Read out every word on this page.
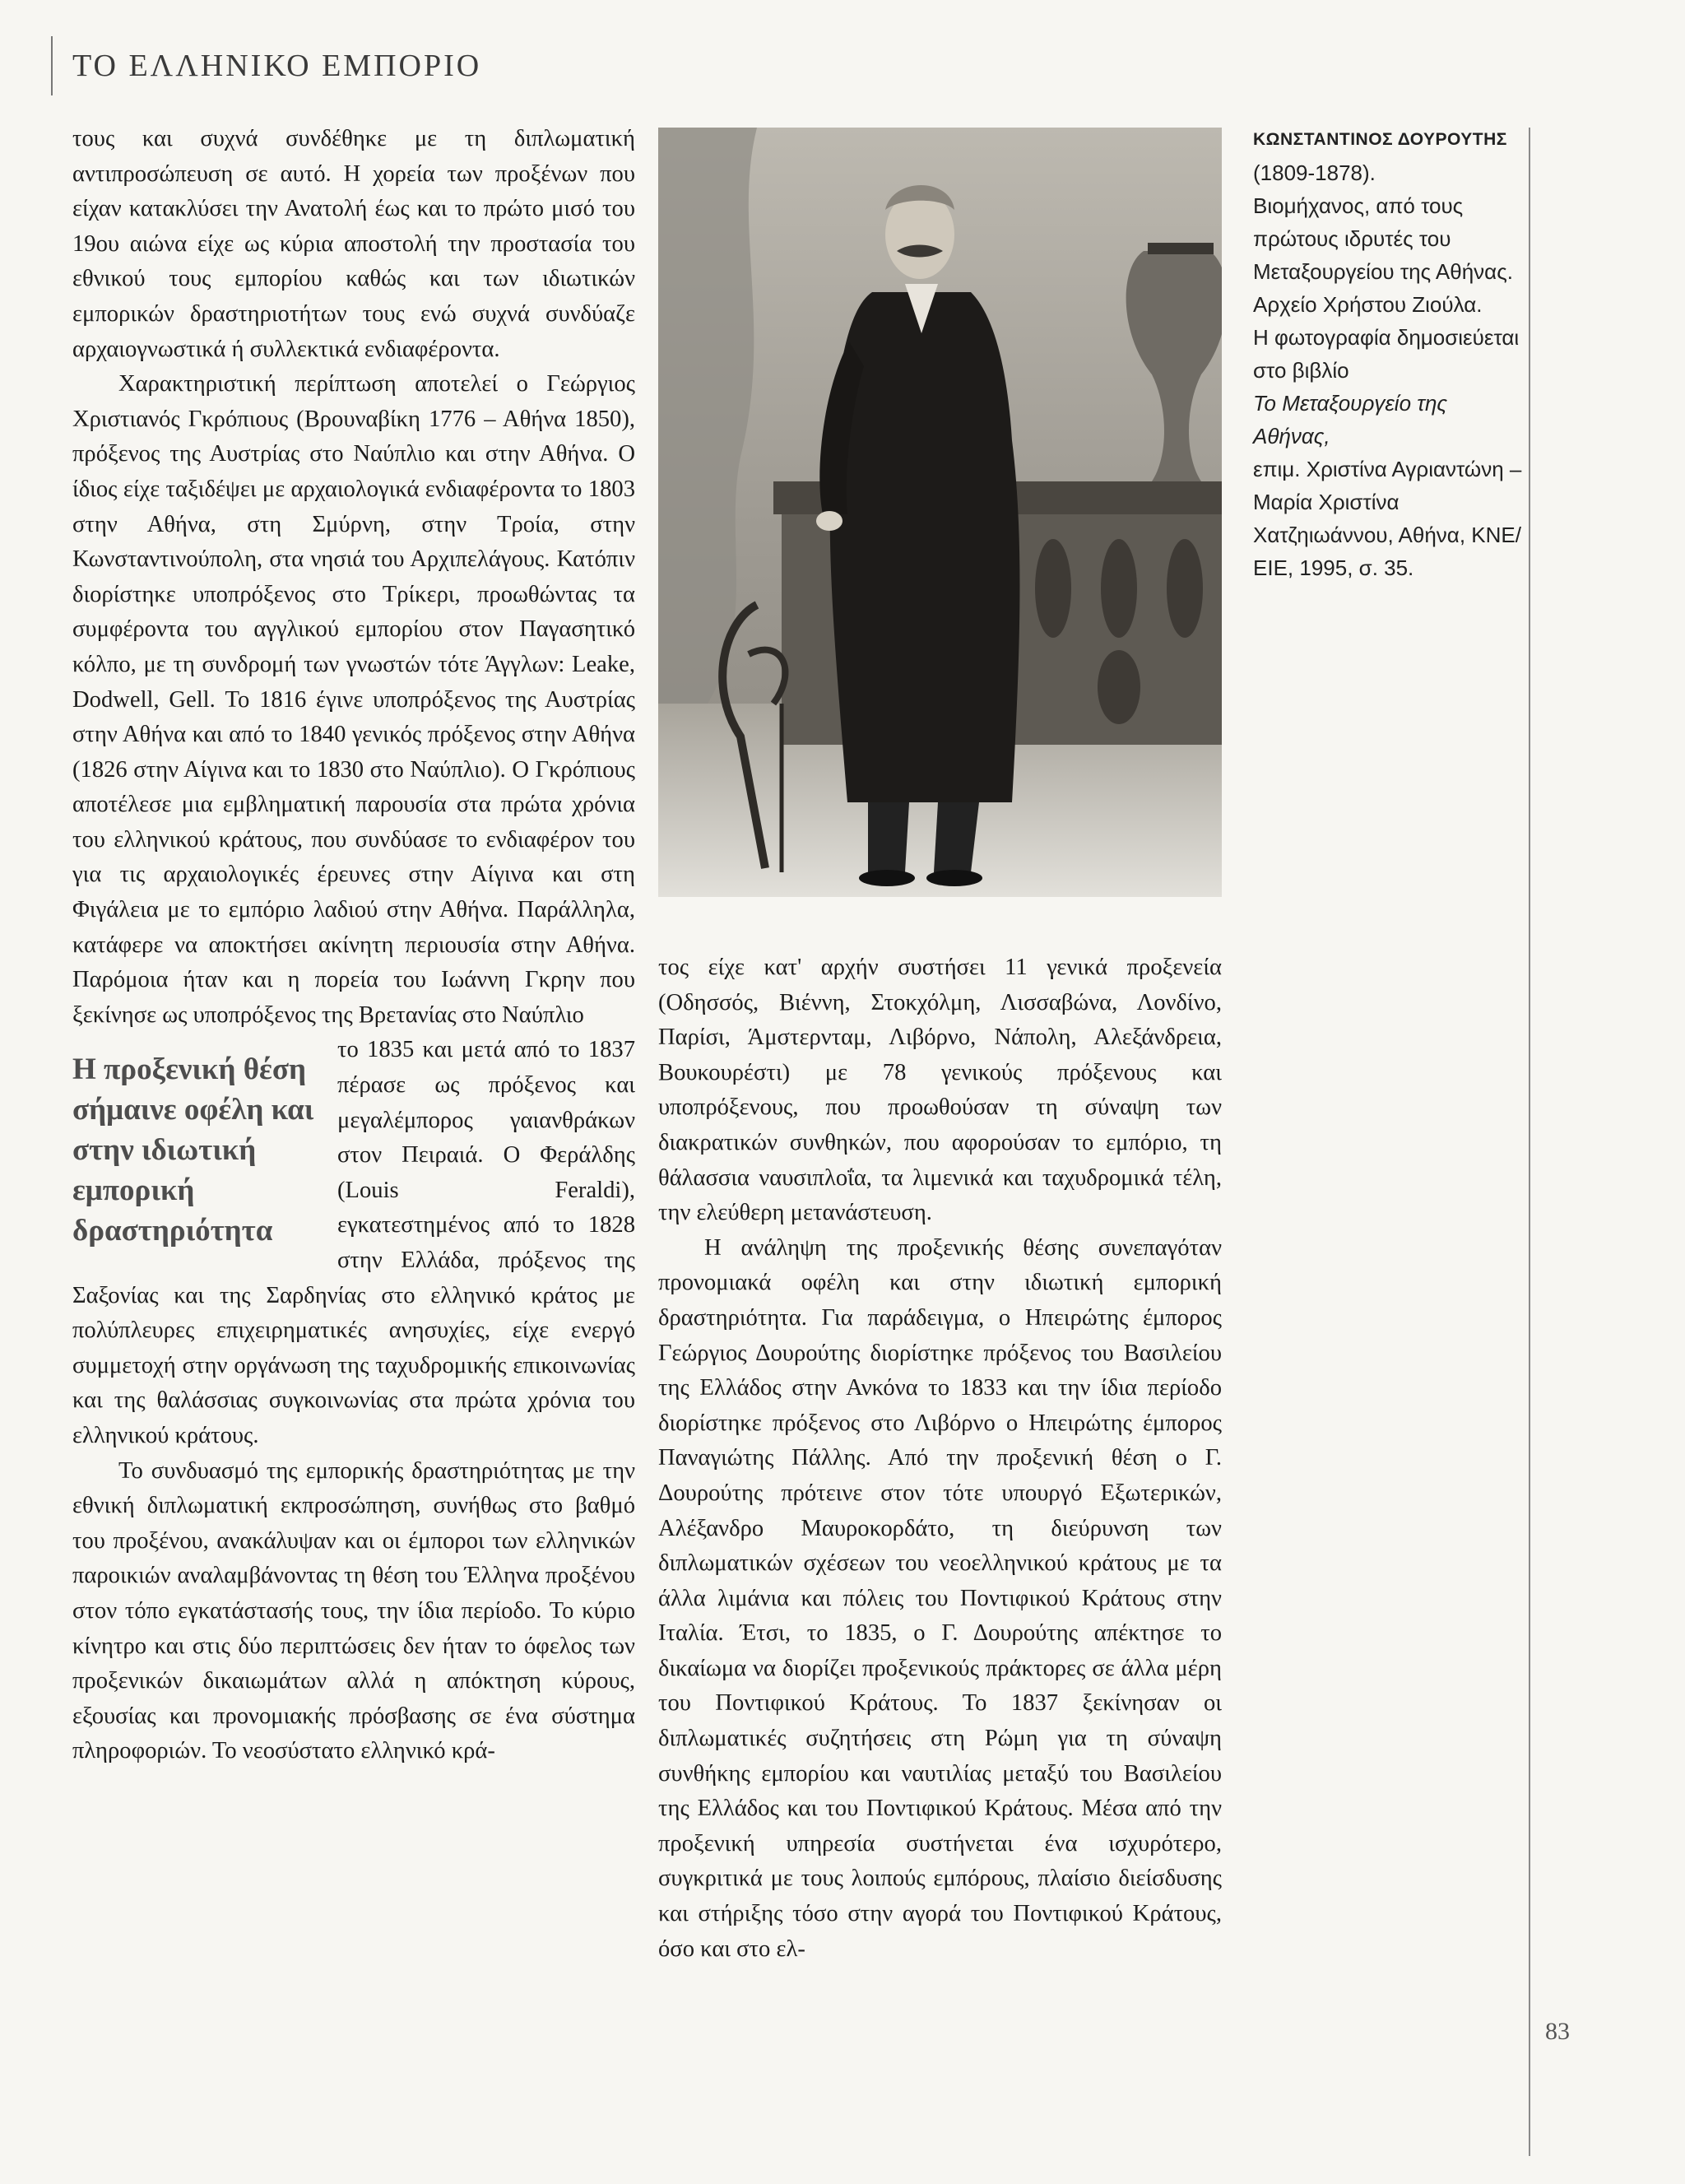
ΤΟ ΕΛΛΗΝΙΚΟ ΕΜΠΟΡΙΟ

τους και συχνά συνδέθηκε με τη διπλωματική αντιπροσώπευση σε αυτό. Η χορεία των προξένων που είχαν κατακλύσει την Ανατολή έως και το πρώτο μισό του 19ου αιώνα είχε ως κύρια αποστολή την προστασία του εθνικού τους εμπορίου καθώς και των ιδιωτικών εμπορικών δραστηριοτήτων τους ενώ συχνά συνδύαζε αρχαιογνωστικά ή συλλεκτικά ενδιαφέροντα.

Χαρακτηριστική περίπτωση αποτελεί ο Γεώργιος Χριστιανός Γκρόπιους (Βρουναβίκη 1776 – Αθήνα 1850), πρόξενος της Αυστρίας στο Ναύπλιο και στην Αθήνα. Ο ίδιος είχε ταξιδέψει με αρχαιολογικά ενδιαφέροντα το 1803 στην Αθήνα, στη Σμύρνη, στην Τροία, στην Κωνσταντινούπολη, στα νησιά του Αρχιπελάγους. Κατόπιν διορίστηκε υποπρόξενος στο Τρίκερι, προωθώντας τα συμφέροντα του αγγλικού εμπορίου στον Παγασητικό κόλπο, με τη συνδρομή των γνωστών τότε Άγγλων: Leake, Dodwell, Gell. Το 1816 έγινε υποπρόξενος της Αυστρίας στην Αθήνα και από το 1840 γενικός πρόξενος στην Αθήνα (1826 στην Αίγινα και το 1830 στο Ναύπλιο). Ο Γκρόπιους αποτέλεσε μια εμβληματική παρουσία στα πρώτα χρόνια του ελληνικού κράτους, που συνδύασε το ενδιαφέρον του για τις αρχαιολογικές έρευνες στην Αίγινα και στη Φιγάλεια με το εμπόριο λαδιού στην Αθήνα. Παράλληλα, κατάφερε να αποκτήσει ακίνητη περιουσία στην Αθήνα. Παρόμοια ήταν και η πορεία του Ιωάννη Γκρην που ξεκίνησε ως υποπρόξενος της Βρετανίας στο Ναύπλιο

Η προξενική θέση σήμαινε οφέλη και στην ιδιωτική εμπορική δραστηριότητα

το 1835 και μετά από το 1837 πέρασε ως πρόξενος και μεγαλέμπορος γαιανθράκων στον Πειραιά. Ο Φεράλδης (Louis Feraldi), εγκατεστημένος από το 1828 στην Ελλάδα, πρόξενος της Σαξονίας και της Σαρδηνίας στο ελληνικό κράτος με πολύπλευρες επιχειρηματικές ανησυχίες, είχε ενεργό συμμετοχή στην οργάνωση της ταχυδρομικής επικοινωνίας και της θαλάσσιας συγκοινωνίας στα πρώτα χρόνια του ελληνικού κράτους.

Το συνδυασμό της εμπορικής δραστηριότητας με την εθνική διπλωματική εκπροσώπηση, συνήθως στο βαθμό του προξένου, ανακάλυψαν και οι έμποροι των ελληνικών παροικιών αναλαμβάνοντας τη θέση του Έλληνα προξένου στον τόπο εγκατάστασής τους, την ίδια περίοδο. Το κύριο κίνητρο και στις δύο περιπτώσεις δεν ήταν το όφελος των προξενικών δικαιωμάτων αλλά η απόκτηση κύρους, εξουσίας και προνομιακής πρόσβασης σε ένα σύστημα πληροφοριών. Το νεοσύστατο ελληνικό κρά-

τος είχε κατ' αρχήν συστήσει 11 γενικά προξενεία (Οδησσός, Βιέννη, Στοκχόλμη, Λισσαβώνα, Λονδίνο, Παρίσι, Άμστερνταμ, Λιβόρνο, Νάπολη, Αλεξάνδρεια, Βουκουρέστι) με 78 γενικούς πρόξενους και υποπρόξενους, που προωθούσαν τη σύναψη των διακρατικών συνθηκών, που αφορούσαν το εμπόριο, τη θάλασσια ναυσιπλοΐα, τα λιμενικά και ταχυδρομικά τέλη, την ελεύθερη μετανάστευση.

Η ανάληψη της προξενικής θέσης συνεπαγόταν προνομιακά οφέλη και στην ιδιωτική εμπορική δραστηριότητα. Για παράδειγμα, ο Ηπειρώτης έμπορος Γεώργιος Δουρούτης διορίστηκε πρόξενος του Βασιλείου της Ελλάδος στην Ανκόνα το 1833 και την ίδια περίοδο διορίστηκε πρόξενος στο Λιβόρνο ο Ηπειρώτης έμπορος Παναγιώτης Πάλλης. Από την προξενική θέση ο Γ. Δουρούτης πρότεινε στον τότε υπουργό Εξωτερικών, Αλέξανδρο Μαυροκορδάτο, τη διεύρυνση των διπλωματικών σχέσεων του νεοελληνικού κράτους με τα άλλα λιμάνια και πόλεις του Ποντιφικού Κράτους στην Ιταλία. Έτσι, το 1835, ο Γ. Δουρούτης απέκτησε το δικαίωμα να διορίζει προξενικούς πράκτορες σε άλλα μέρη του Ποντιφικού Κράτους. Το 1837 ξεκίνησαν οι διπλωματικές συζητήσεις στη Ρώμη για τη σύναψη συνθήκης εμπορίου και ναυτιλίας μεταξύ του Βασιλείου της Ελλάδος και του Ποντιφικού Κράτους. Μέσα από την προξενική υπηρεσία συστήνεται ένα ισχυρότερο, συγκριτικά με τους λοιπούς εμπόρους, πλαίσιο διείσδυσης και στήριξης τόσο στην αγορά του Ποντιφικού Κράτους, όσο και στο ελ-

ΚΩΝΣΤΑΝΤΙΝΟΣ ΔΟΥΡΟΥΤΗΣ
(1809-1878).
Βιομήχανος, από τους πρώτους ιδρυτές του Μεταξουργείου της Αθήνας.
Αρχείο Χρήστου Ζιούλα.
Η φωτογραφία δημοσιεύεται στο βιβλίο
Το Μεταξουργείο της Αθήνας,
επιμ. Χριστίνα Αγριαντώνη – Μαρία Χριστίνα Χατζηιωάννου, Αθήνα, ΚΝΕ/ΕΙΕ, 1995, σ. 35.
83
